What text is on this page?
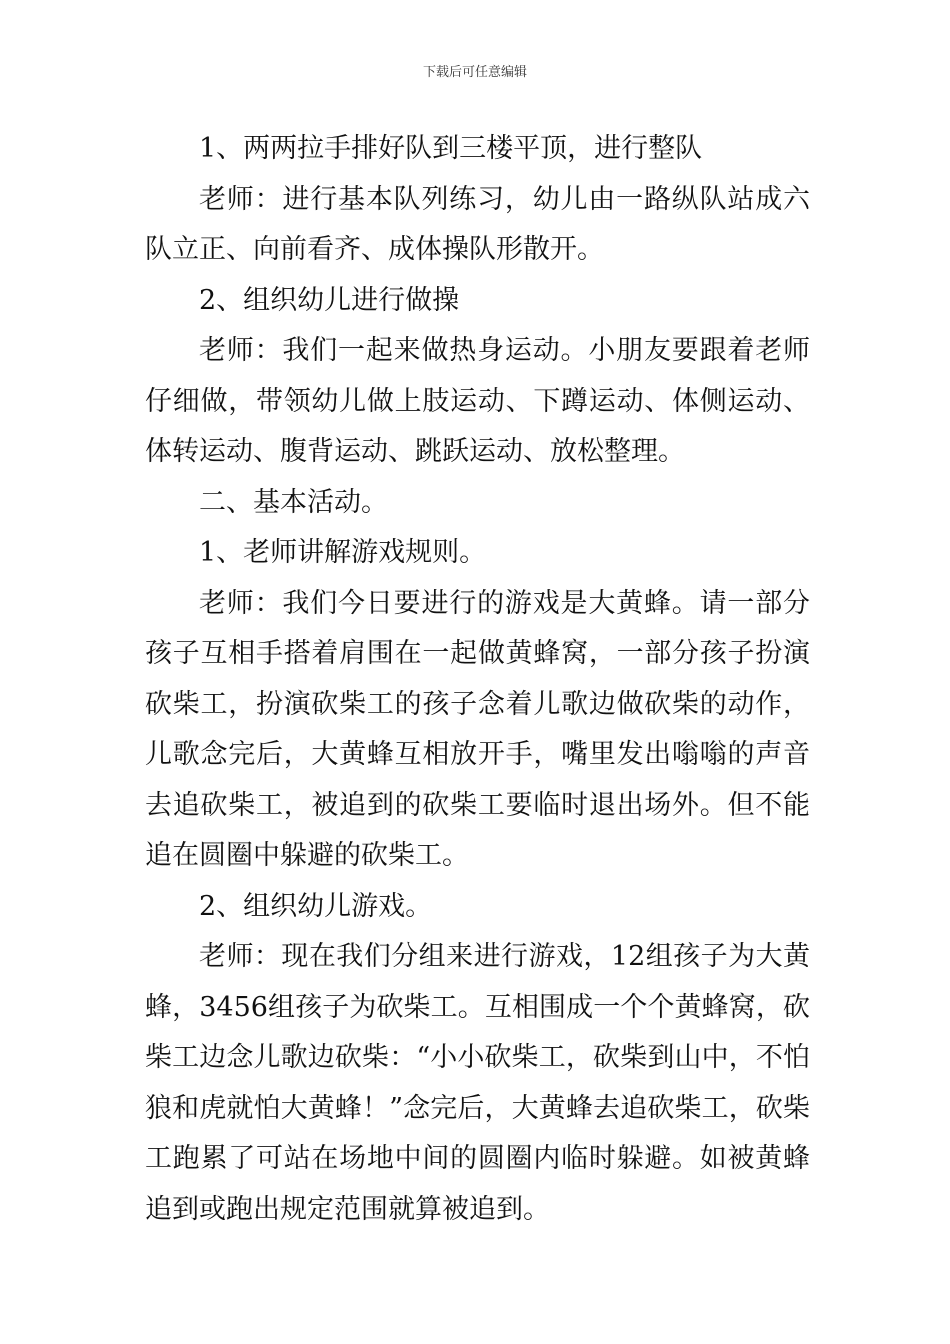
下载后可任意编辑

1、两两拉手排好队到三楼平顶，进行整队

老师：进行基本队列练习，幼儿由一路纵队站成六队立正、向前看齐、成体操队形散开。

2、组织幼儿进行做操

老师：我们一起来做热身运动。小朋友要跟着老师仔细做，带领幼儿做上肢运动、下蹲运动、体侧运动、体转运动、腹背运动、跳跃运动、放松整理。

二、基本活动。

1、老师讲解游戏规则。

老师：我们今日要进行的游戏是大黄蜂。请一部分孩子互相手搭着肩围在一起做黄蜂窝，一部分孩子扮演砍柴工，扮演砍柴工的孩子念着儿歌边做砍柴的动作，儿歌念完后，大黄蜂互相放开手，嘴里发出嗡嗡的声音去追砍柴工，被追到的砍柴工要临时退出场外。但不能追在圆圈中躲避的砍柴工。

2、组织幼儿游戏。

老师：现在我们分组来进行游戏，12组孩子为大黄蜂，3456组孩子为砍柴工。互相围成一个个黄蜂窝，砍柴工边念儿歌边砍柴：“小小砍柴工，砍柴到山中，不怕狼和虎就怕大黄蜂！”念完后，大黄蜂去追砍柴工，砍柴工跑累了可站在场地中间的圆圈内临时躲避。如被黄蜂追到或跑出规定范围就算被追到。
